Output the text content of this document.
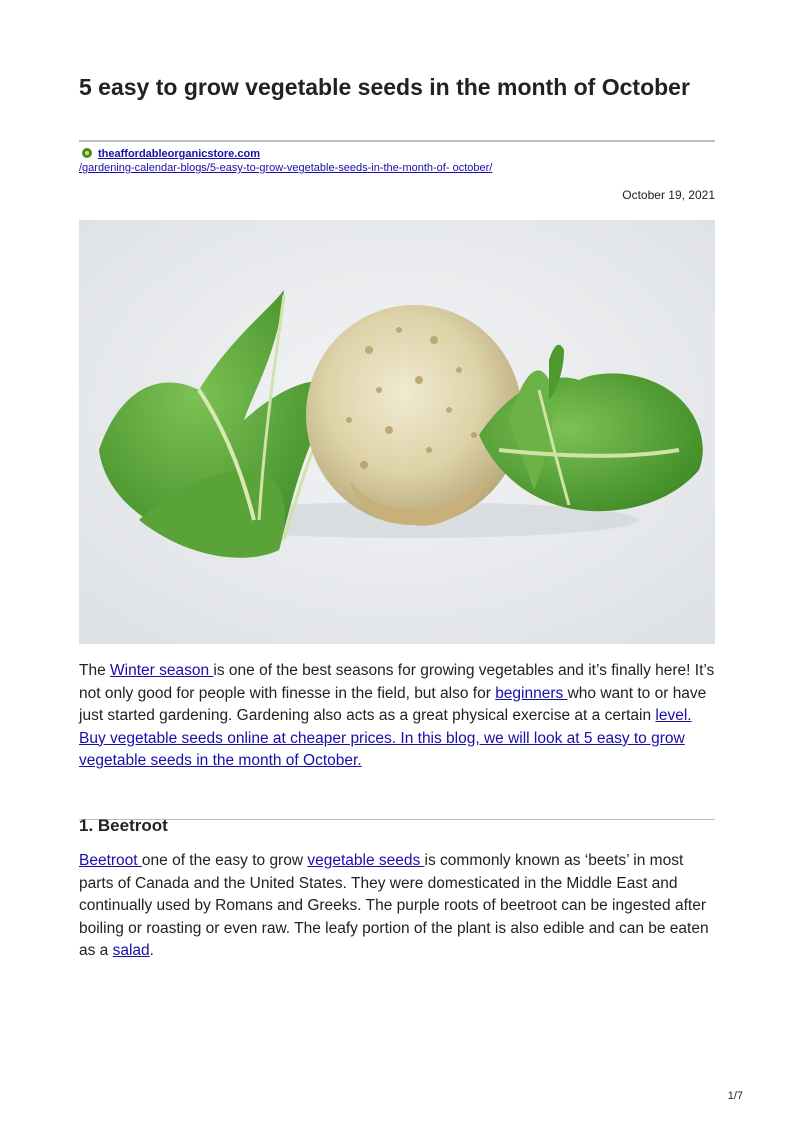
5 easy to grow vegetable seeds in the month of October
theaffordableorganicstore.com
/gardening-calendar-blogs/5-easy-to-grow-vegetable-seeds-in-the-month-of- october/
October 19, 2021

The Winter season is one of the best seasons for growing vegetables and it’s finally here! It’s not only good for people with finesse in the field, but also for beginners who want to or have just started gardening. Gardening also acts as a great physical exercise at a certain level. Buy vegetable seeds online at cheaper prices. In this blog, we will look at 5 easy to grow vegetable seeds in the month of October.

1. Beetroot

Beetroot one of the easy to grow vegetable seeds is commonly known as ‘beets’ in most parts of Canada and the United States. They were domesticated in the Middle East and continually used by Romans and Greeks. The purple roots of beetroot can be ingested after boiling or roasting or even raw. The leafy portion of the plant is also edible and can be eaten as a salad.

1/7
